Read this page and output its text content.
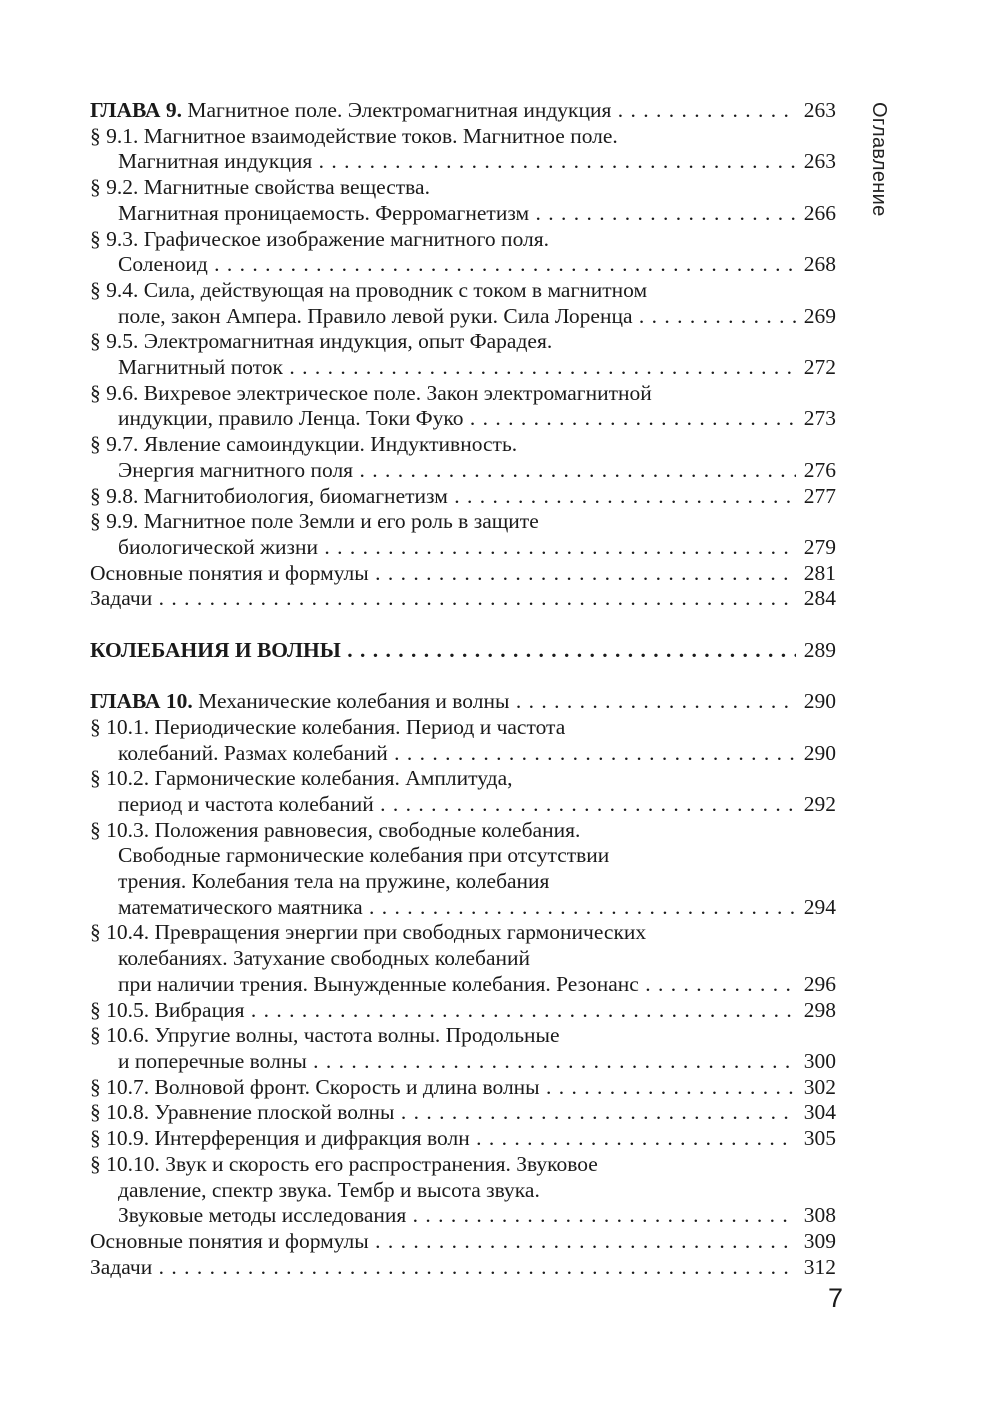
Оглавление
ГЛАВА 9. Магнитное поле. Электромагнитная индукция . . .	263
§ 9.1. Магнитное взаимодействие токов. Магнитное поле.
Магнитная индукция . . .	263
§ 9.2. Магнитные свойства вещества.
Магнитная проницаемость. Ферромагнетизм . . .	266
§ 9.3. Графическое изображение магнитного поля.
Соленоид . . .	268
§ 9.4. Сила, действующая на проводник с током в магнитном
поле, закон Ампера. Правило левой руки. Сила Лоренца . . .	269
§ 9.5. Электромагнитная индукция, опыт Фарадея.
Магнитный поток . . .	272
§ 9.6. Вихревое электрическое поле. Закон электромагнитной
индукции, правило Ленца. Токи Фуко . . .	273
§ 9.7. Явление самоиндукции. Индуктивность.
Энергия магнитного поля . . .	276
§ 9.8. Магнитобиология, биомагнетизм . . .	277
§ 9.9. Магнитное поле Земли и его роль в защите
биологической жизни . . .	279
Основные понятия и формулы . . .	281
Задачи . . .	284
КОЛЕБАНИЯ И ВОЛНЫ . . .	289
ГЛАВА 10. Механические колебания и волны . . .	290
§ 10.1. Периодические колебания. Период и частота
колебаний. Размах колебаний . . .	290
§ 10.2. Гармонические колебания. Амплитуда,
период и частота колебаний . . .	292
§ 10.3. Положения равновесия, свободные колебания.
Свободные гармонические колебания при отсутствии
трения. Колебания тела на пружине, колебания
математического маятника . . .	294
§ 10.4. Превращения энергии при свободных гармонических
колебаниях. Затухание свободных колебаний
при наличии трения. Вынужденные колебания. Резонанс . . .	296
§ 10.5. Вибрация . . .	298
§ 10.6. Упругие волны, частота волны. Продольные
и поперечные волны . . .	300
§ 10.7. Волновой фронт. Скорость и длина волны . . .	302
§ 10.8. Уравнение плоской волны . . .	304
§ 10.9. Интерференция и дифракция волн . . .	305
§ 10.10. Звук и скорость его распространения. Звуковое
давление, спектр звука. Тембр и высота звука.
Звуковые методы исследования . . .	308
Основные понятия и формулы . . .	309
Задачи . . .	312
7
